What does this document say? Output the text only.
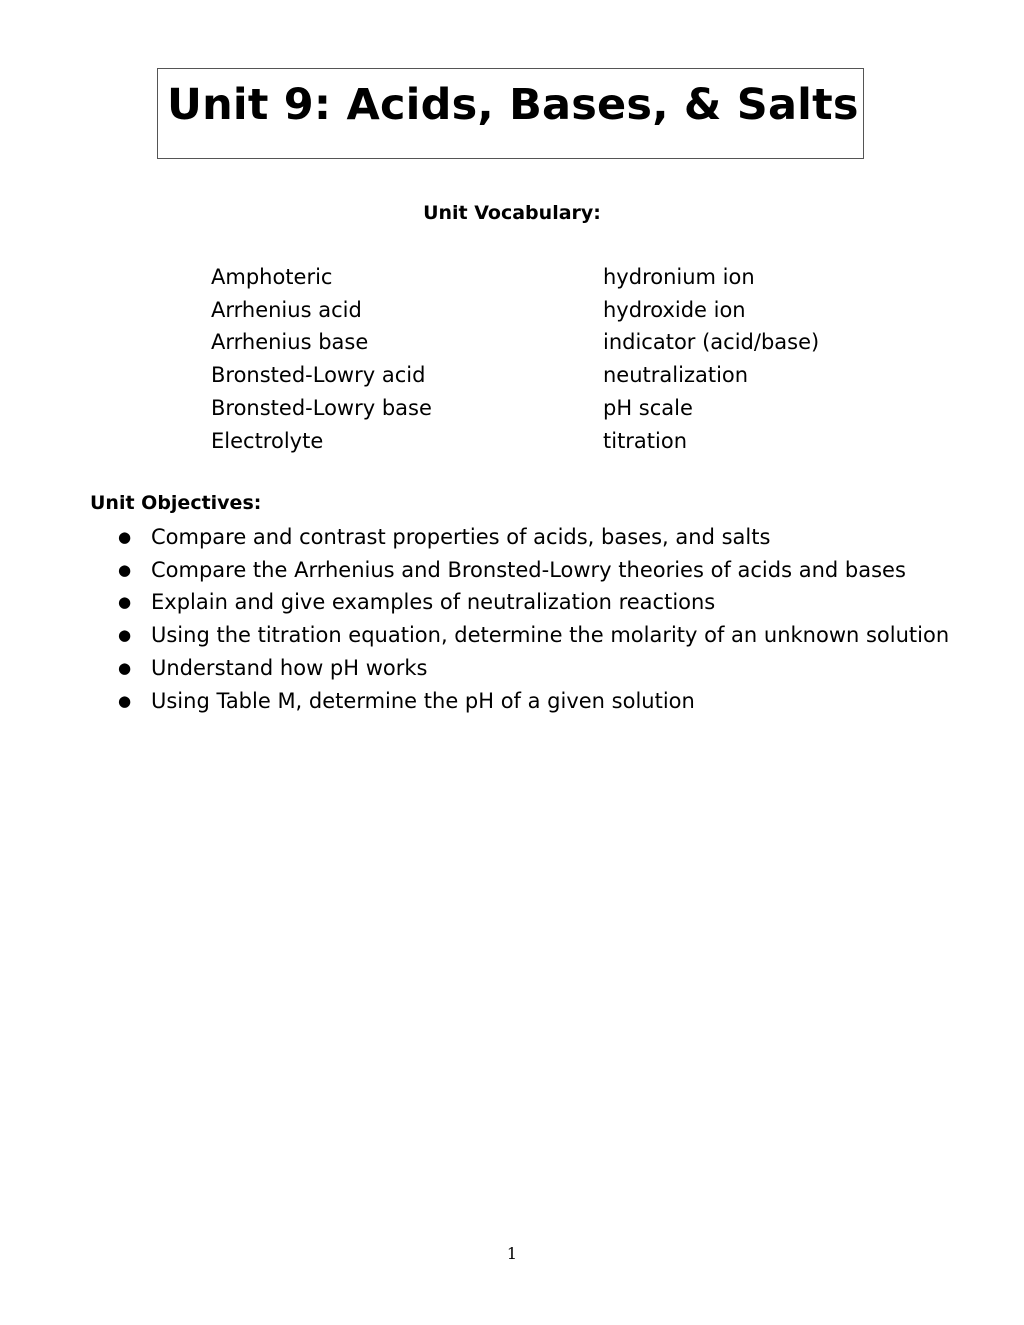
Unit 9: Acids, Bases, & Salts
Unit Vocabulary:
Amphoteric
Arrhenius acid
Arrhenius base
Bronsted-Lowry acid
Bronsted-Lowry base
Electrolyte
hydronium ion
hydroxide ion
indicator (acid/base)
neutralization
pH scale
titration
Unit Objectives:
● Compare and contrast properties of acids, bases, and salts
● Compare the Arrhenius and Bronsted-Lowry theories of acids and bases
● Explain and give examples of neutralization reactions
● Using the titration equation, determine the molarity of an unknown solution
● Understand how pH works
● Using Table M, determine the pH of a given solution

1
